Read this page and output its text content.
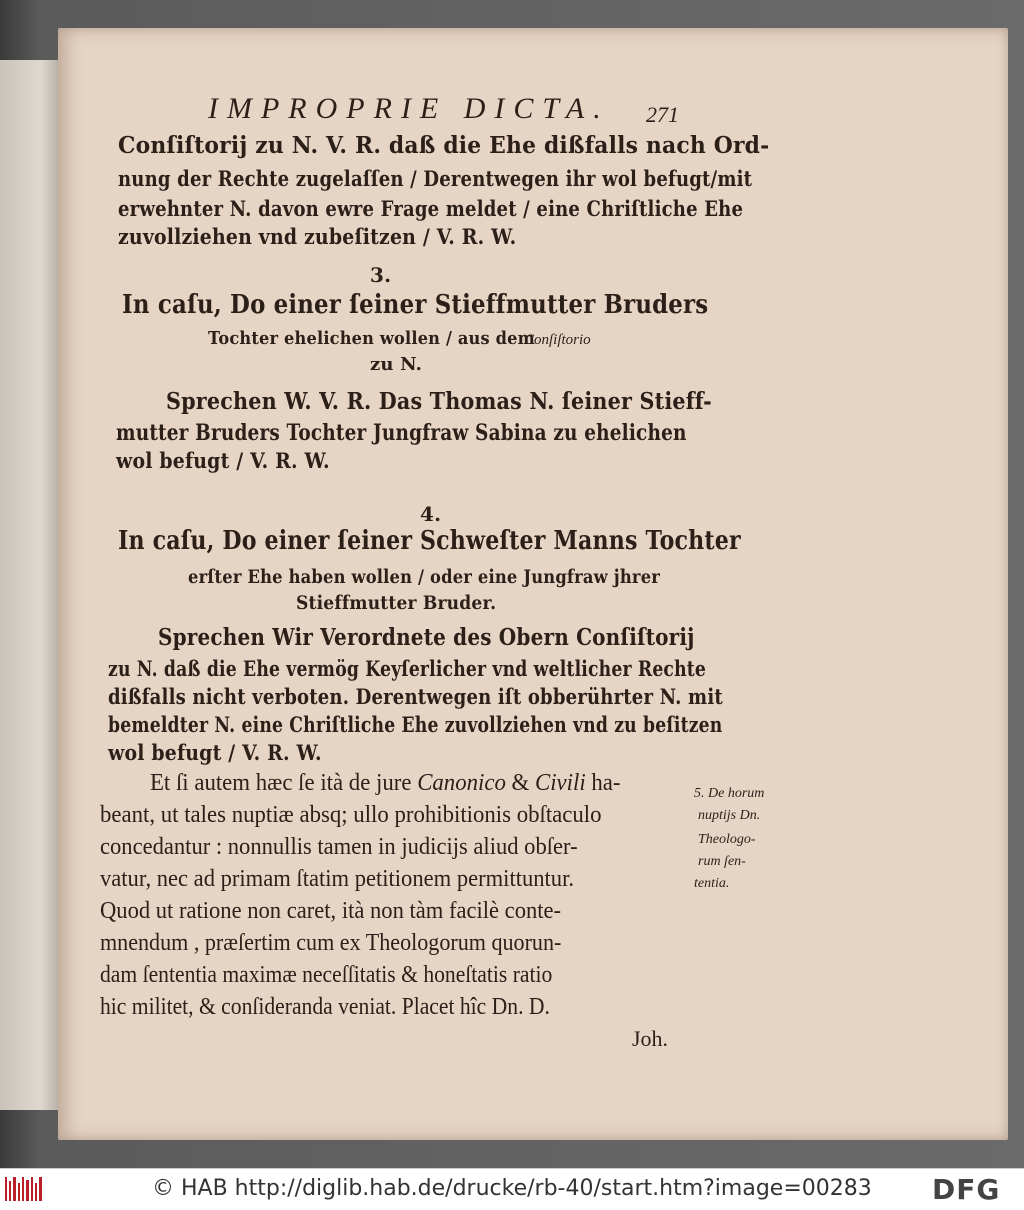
IMPROPRIE DICTA. 271
Conſiſtorij zu N. V. R. daß die Ehe dißfalls nach Ord-
nung der Rechte zugelaſſen / Derentwegen ihr wol befugt/mit
erwehnter N. davon ewre Frage meldet / eine Chriſtliche Ehe
zuvollziehen vnd zubeſitzen / V. R. W.
3.
In caſu, Do einer ſeiner Stieffmutter Bruders
Tochter ehelichen wollen / aus dem
Conſiſtorio
zu N.
Sprechen W. V. R. Das Thomas N. ſeiner Stieff-
mutter Bruders Tochter Jungfraw Sabina zu ehelichen
wol befugt / V. R. W.
4.
In caſu, Do einer ſeiner Schweſter Manns Tochter
erſter Ehe haben wollen / oder eine Jungfraw jhrer
Stieffmutter Bruder.
Sprechen Wir Verordnete des Obern Conſiſtorij
zu N. daß die Ehe vermög Keyſerlicher vnd weltlicher Rechte
dißfalls nicht verboten. Derentwegen iſt obberührter N. mit
bemeldter N. eine Chriſtliche Ehe zuvollziehen vnd zu beſitzen
wol befugt / V. R. W.
Et ſi autem hæc ſe ità de jure Canonico & Civili ha-
beant, ut tales nuptiæ absq; ullo prohibitionis obſtaculo
concedantur : nonnullis tamen in judicijs aliud obſer-
vatur, nec ad primam ſtatim petitionem permittuntur.
Quod ut ratione non caret, ità non tàm facilè conte-
mnendum , præſertim cum ex Theologorum quorun-
dam ſententia maximæ neceſſitatis & honeſtatis ratio
hic militet, & conſideranda veniat. Placet hîc Dn. D.
Joh.
5. De horum
nuptijs Dn.
Theologo-
rum ſen-
tentia.
© HAB http://diglib.hab.de/drucke/rb-40/start.htm?image=00283 DFG
